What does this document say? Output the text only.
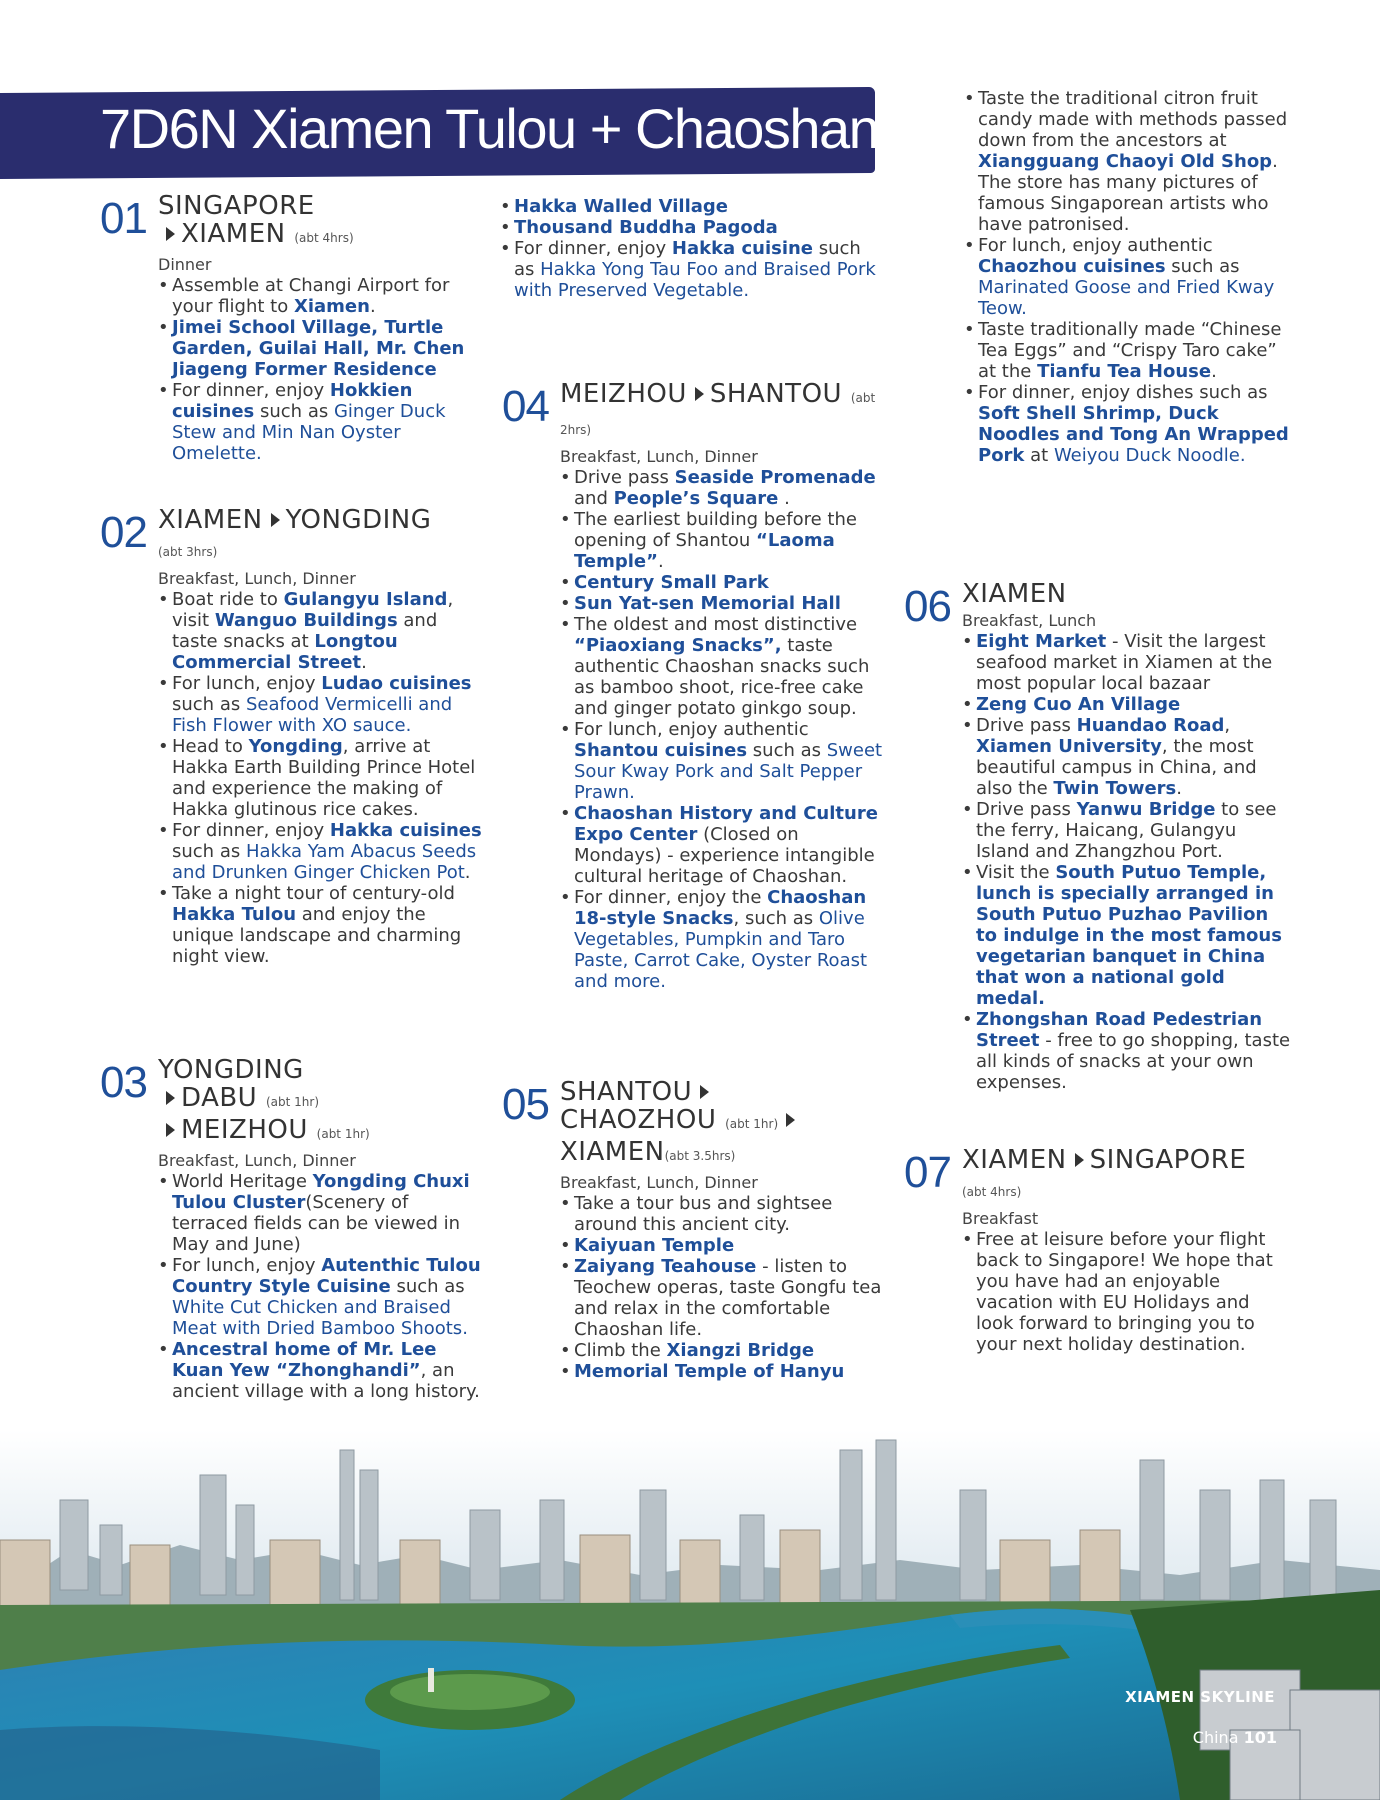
7D6N Xiamen Tulou + Chaoshan
01 SINGAPORE
XIAMEN (abt 4hrs)
Dinner
• Assemble at Changi Airport for your flight to Xiamen.
• Jimei School Village, Turtle Garden, Guilai Hall, Mr. Chen Jiageng Former Residence
• For dinner, enjoy Hokkien cuisines such as Ginger Duck Stew and Min Nan Oyster Omelette.
02 XIAMEN YONGDING
(abt 3hrs)
Breakfast, Lunch, Dinner
• Boat ride to Gulangyu Island, visit Wanguo Buildings and taste snacks at Longtou Commercial Street.
• For lunch, enjoy Ludao cuisines such as Seafood Vermicelli and Fish Flower with XO sauce.
• Head to Yongding, arrive at Hakka Earth Building Prince Hotel and experience the making of Hakka glutinous rice cakes.
• For dinner, enjoy Hakka cuisines such as Hakka Yam Abacus Seeds and Drunken Ginger Chicken Pot.
• Take a night tour of century-old Hakka Tulou and enjoy the unique landscape and charming night view.
03 YONGDING
DABU (abt 1hr)
MEIZHOU (abt 1hr)
Breakfast, Lunch, Dinner
• World Heritage Yongding Chuxi Tulou Cluster(Scenery of terraced fields can be viewed in May and June)
• For lunch, enjoy Autenthic Tulou Country Style Cuisine such as White Cut Chicken and Braised Meat with Dried Bamboo Shoots.
• Ancestral home of Mr. Lee Kuan Yew “Zhonghandi”, an ancient village with a long history.
• Hakka Walled Village
• Thousand Buddha Pagoda
• For dinner, enjoy Hakka cuisine such as Hakka Yong Tau Foo and Braised Pork with Preserved Vegetable.
04 MEIZHOU SHANTOU (abt 2hrs)
Breakfast, Lunch, Dinner
• Drive pass Seaside Promenade and People’s Square .
• The earliest building before the opening of Shantou “Laoma Temple”.
• Century Small Park
• Sun Yat-sen Memorial Hall
• The oldest and most distinctive “Piaoxiang Snacks”, taste authentic Chaoshan snacks such as bamboo shoot, rice-free cake and ginger potato ginkgo soup.
• For lunch, enjoy authentic Shantou cuisines such as Sweet Sour Kway Pork and Salt Pepper Prawn.
• Chaoshan History and Culture Expo Center (Closed on Mondays) - experience intangible cultural heritage of Chaoshan.
• For dinner, enjoy the Chaoshan 18-style Snacks, such as Olive Vegetables, Pumpkin and Taro Paste, Carrot Cake, Oyster Roast and more.
05 SHANTOU
CHAOZHOU (abt 1hr)
XIAMEN(abt 3.5hrs)
Breakfast, Lunch, Dinner
• Take a tour bus and sightsee around this ancient city.
• Kaiyuan Temple
• Zaiyang Teahouse - listen to Teochew operas, taste Gongfu tea and relax in the comfortable Chaoshan life.
• Climb the Xiangzi Bridge
• Memorial Temple of Hanyu
• Taste the traditional citron fruit candy made with methods passed down from the ancestors at Xiangguang Chaoyi Old Shop. The store has many pictures of famous Singaporean artists who have patronised.
• For lunch, enjoy authentic Chaozhou cuisines such as Marinated Goose and Fried Kway Teow.
• Taste traditionally made “Chinese Tea Eggs” and “Crispy Taro cake” at the Tianfu Tea House.
• For dinner, enjoy dishes such as Soft Shell Shrimp, Duck Noodles and Tong An Wrapped Pork at Weiyou Duck Noodle.
06 XIAMEN
Breakfast, Lunch
• Eight Market - Visit the largest seafood market in Xiamen at the most popular local bazaar
• Zeng Cuo An Village
• Drive pass Huandao Road, Xiamen University, the most beautiful campus in China, and also the Twin Towers.
• Drive pass Yanwu Bridge to see the ferry, Haicang, Gulangyu Island and Zhangzhou Port.
• Visit the South Putuo Temple, lunch is specially arranged in South Putuo Puzhao Pavilion to indulge in the most famous vegetarian banquet in China that won a national gold medal.
• Zhongshan Road Pedestrian Street - free to go shopping, taste all kinds of snacks at your own expenses.
07 XIAMEN SINGAPORE
(abt 4hrs)
Breakfast
• Free at leisure before your flight back to Singapore! We hope that you have had an enjoyable vacation with EU Holidays and look forward to bringing you to your next holiday destination.
XIAMEN SKYLINE
China 101
